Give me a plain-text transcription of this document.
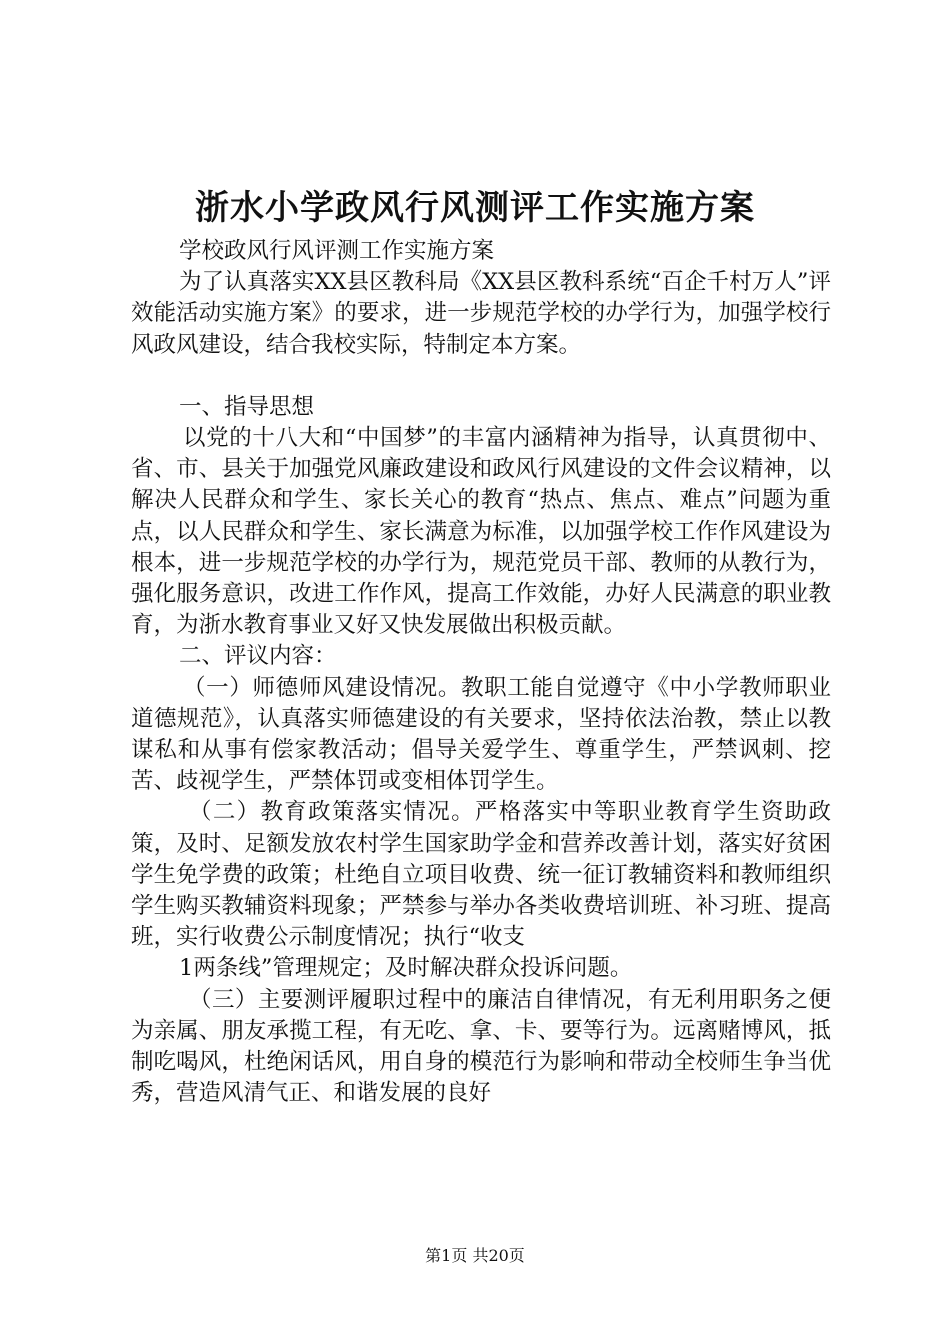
浙水小学政风行风测评工作实施方案

学校政风行风评测工作实施方案

为了认真落实XX县区教科局《XX县区教科系统“百企千村万人”评效能活动实施方案》的要求，进一步规范学校的办学行为，加强学校行风政风建设，结合我校实际，特制定本方案。

一、指导思想

以党的十八大和“中国梦”的丰富内涵精神为指导，认真贯彻中、省、市、县关于加强党风廉政建设和政风行风建设的文件会议精神，以解决人民群众和学生、家长关心的教育“热点、焦点、难点”问题为重点，以人民群众和学生、家长满意为标准，以加强学校工作作风建设为根本，进一步规范学校的办学行为，规范党员干部、教师的从教行为，强化服务意识，改进工作作风，提高工作效能，办好人民满意的职业教育，为浙水教育事业又好又快发展做出积极贡献。

二、评议内容：

（一）师德师风建设情况。教职工能自觉遵守《中小学教师职业道德规范》，认真落实师德建设的有关要求，坚持依法治教，禁止以教谋私和从事有偿家教活动；倡导关爱学生、尊重学生，严禁讽刺、挖苦、歧视学生，严禁体罚或变相体罚学生。

（二）教育政策落实情况。严格落实中等职业教育学生资助政策，及时、足额发放农村学生国家助学金和营养改善计划，落实好贫困学生免学费的政策；杜绝自立项目收费、统一征订教辅资料和教师组织学生购买教辅资料现象；严禁参与举办各类收费培训班、补习班、提高班，实行收费公示制度情况；执行“收支

1两条线”管理规定；及时解决群众投诉问题。

（三）主要测评履职过程中的廉洁自律情况，有无利用职务之便为亲属、朋友承揽工程，有无吃、拿、卡、要等行为。远离赌博风，抵制吃喝风，杜绝闲话风，用自身的模范行为影响和带动全校师生争当优秀，营造风清气正、和谐发展的良好

第1页 共20页
